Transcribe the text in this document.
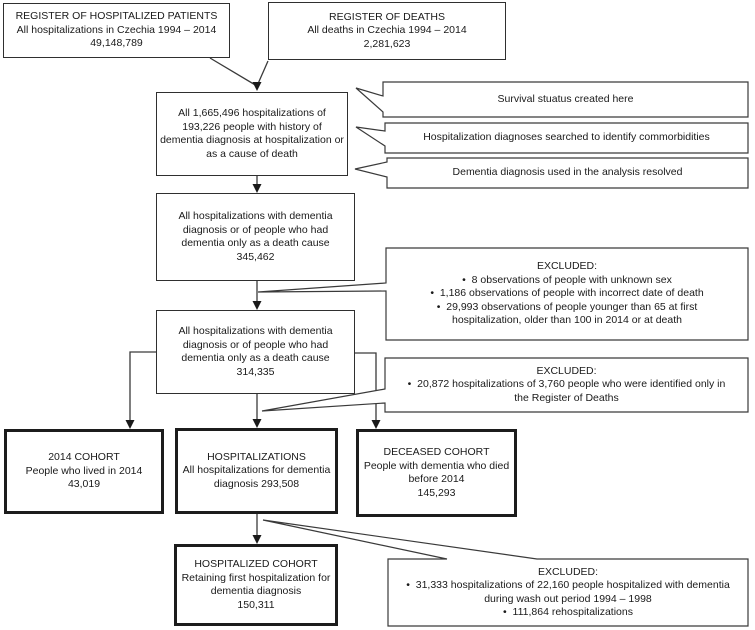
REGISTER OF HOSPITALIZED PATIENTS
All hospitalizations in Czechia 1994 – 2014
49,148,789
REGISTER OF DEATHS
All deaths in Czechia 1994 – 2014
2,281,623
All 1,665,496 hospitalizations of 193,226 people with history of dementia diagnosis at hospitalization or as a cause of death
All hospitalizations with dementia diagnosis or of people who had dementia only as a death cause
345,462
All hospitalizations with dementia diagnosis or of people who had dementia only as a death cause
314,335
2014 COHORT
People who lived in 2014
43,019
HOSPITALIZATIONS
All hospitalizations for dementia diagnosis 293,508
DECEASED COHORT
People with dementia who died before 2014
145,293
HOSPITALIZED COHORT
Retaining first hospitalization for dementia diagnosis
150,311
Survival stuatus created here
Hospitalization diagnoses searched to identify commorbidities
Dementia diagnosis used in the analysis resolved
EXCLUDED:
•  8 observations of people with unknown sex
•  1,186 observations of people with incorrect date of death
•  29,993 observations of people younger than 65 at first hospitalization, older than 100 in 2014 or at death
EXCLUDED:
•  20,872 hospitalizations of 3,760 people who were identified only in the Register of Deaths
EXCLUDED:
•  31,333 hospitalizations of 22,160 people hospitalized with dementia during wash out period 1994 – 1998
•  111,864 rehospitalizations
